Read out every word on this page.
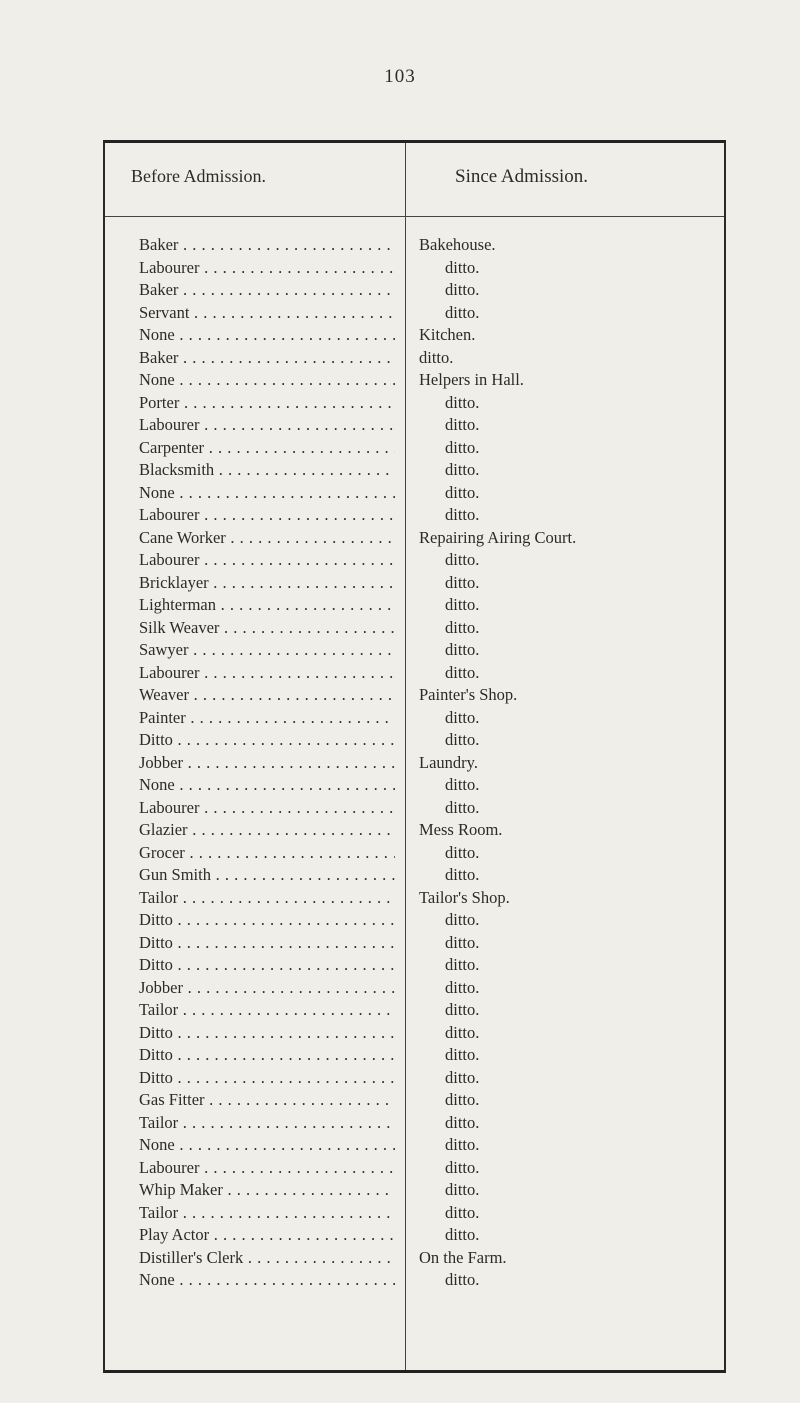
103
Before Admission.	Since Admission.
Baker . . .	Bakehouse.
Labourer . . .	ditto.
Baker . . .	ditto.
Servant . . .	ditto.
None . . .	Kitchen.
Baker . . .	ditto.
None . . .	Helpers in Hall.
Porter . . .	ditto.
Labourer . . .	ditto.
Carpenter . . .	ditto.
Blacksmith . . .	ditto.
None . . .	ditto.
Labourer . . .	ditto.
Cane Worker . . .	Repairing Airing Court.
Labourer . . .	ditto.
Bricklayer . . .	ditto.
Lighterman . . .	ditto.
Silk Weaver . . .	ditto.
Sawyer . . .	ditto.
Labourer . . .	ditto.
Weaver . . .	Painter's Shop.
Painter . . .	ditto.
Ditto . . .	ditto.
Jobber . . .	Laundry.
None . . .	ditto.
Labourer . . .	ditto.
Glazier . . .	Mess Room.
Grocer . . .	ditto.
Gun Smith . . .	ditto.
Tailor . . .	Tailor's Shop.
Ditto . . .	ditto.
Ditto . . .	ditto.
Ditto . . .	ditto.
Jobber . . .	ditto.
Tailor . . .	ditto.
Ditto . . .	ditto.
Ditto . . .	ditto.
Ditto . . .	ditto.
Gas Fitter . . .	ditto.
Tailor . . .	ditto.
None . . .	ditto.
Labourer . . .	ditto.
Whip Maker . . .	ditto.
Tailor . . .	ditto.
Play Actor . . .	ditto.
Distiller's Clerk . . .	On the Farm.
None . . .	ditto.
